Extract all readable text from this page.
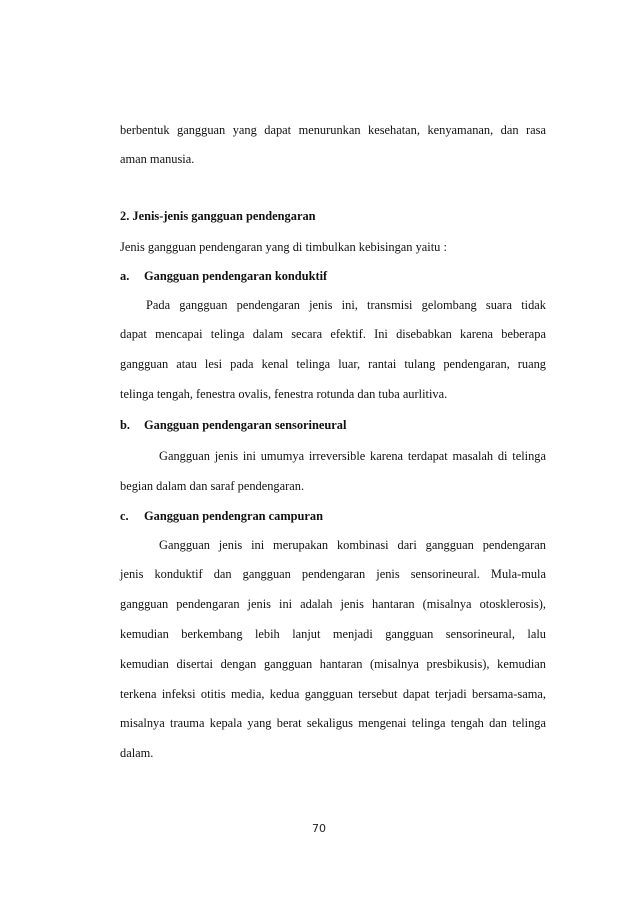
berbentuk gangguan yang dapat menurunkan kesehatan, kenyamanan, dan rasa
aman manusia.
2. Jenis-jenis gangguan pendengaran
Jenis gangguan pendengaran yang di timbulkan kebisingan yaitu :
a. Gangguan pendengaran konduktif
Pada gangguan pendengaran jenis ini, transmisi gelombang suara tidak
dapat mencapai telinga dalam secara efektif. Ini disebabkan karena beberapa
gangguan atau lesi pada kenal telinga luar, rantai tulang pendengaran, ruang
telinga tengah, fenestra ovalis, fenestra rotunda dan tuba aurlitiva.
b. Gangguan pendengaran sensorineural
Gangguan jenis ini umumya irreversible karena terdapat masalah di telinga
begian dalam dan saraf pendengaran.
c. Gangguan pendengran campuran
Gangguan jenis ini merupakan kombinasi dari gangguan pendengaran
jenis konduktif dan gangguan pendengaran jenis sensorineural. Mula-mula
gangguan pendengaran jenis ini adalah jenis hantaran (misalnya otosklerosis),
kemudian berkembang lebih lanjut menjadi gangguan sensorineural, lalu
kemudian disertai dengan gangguan hantaran (misalnya presbikusis), kemudian
terkena infeksi otitis media, kedua gangguan tersebut dapat terjadi bersama-sama,
misalnya trauma kepala yang berat sekaligus mengenai telinga tengah dan telinga
dalam.
70
